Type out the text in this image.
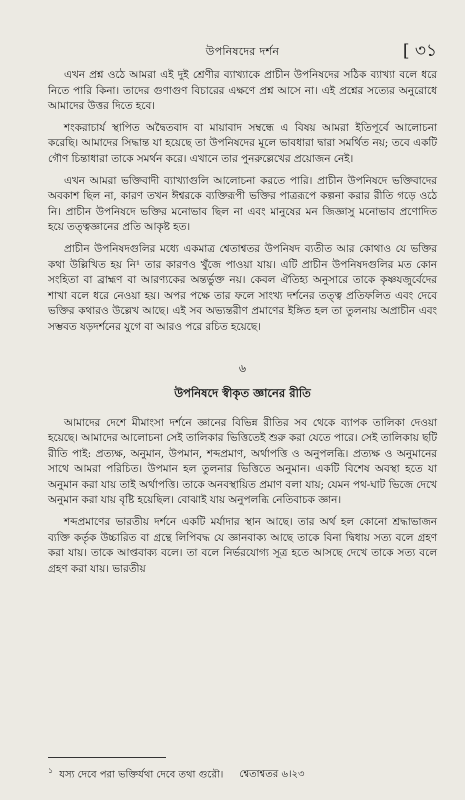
উপনিষদের দর্শন	[ ৩১

এখন প্রশ্ন ওঠে আমরা এই দুই শ্রেণীর ব্যাখ্যাকে প্রাচীন উপনিষদের সঠিক ব্যাখ্যা বলে ধরে নিতে পারি কিনা। তাদের গুণাগুণ বিচারের এক্ষণে প্রশ্ন আসে না। এই প্রশ্নের সত্যের অনুরোধে আমাদের উত্তর দিতে হবে।

শংকরাচার্য স্থাপিত অদ্বৈতবাদ বা মায়াবাদ সম্বন্ধে এ বিষয় আমরা ইতিপূর্বে আলোচনা করেছি। আমাদের সিদ্ধান্ত যা হয়েছে তা উপনিষদের মূলে ভাবধারা দ্বারা সমর্থিত নয়; তবে একটি গৌণ চিন্তাধারা তাকে সমর্থন করে। এখানে তার পুনরুল্লেখের প্রয়োজন নেই।

এখন আমরা ভক্তিবাদী ব্যাখ্যাগুলি আলোচনা করতে পারি। প্রাচীন উপনিষদে ভক্তিবাদের অবকাশ ছিল না, কারণ তখন ঈশ্বরকে ব্যক্তিরূপী ভক্তির পাত্ররূপে কল্পনা করার রীতি গড়ে ওঠে নি। প্রাচীন উপনিষদে ভক্তির মনোভাব ছিল না এবং মানুষের মন জিজ্ঞাসু মনোভাব প্রণোদিত হয়ে তত্ত্বজ্ঞানের প্রতি আকৃষ্ট হত।

প্রাচীন উপনিষদগুলির মধ্যে একমাত্র শ্বেতাশ্বতর উপনিষদ ব্যতীত আর কোথাও যে ভক্তির কথা উল্লিখিত হয় নি¹ তার কারণও খুঁজে পাওয়া যায়। এটি প্রাচীন উপনিষদগুলির মত কোন সংহিতা বা ব্রাহ্মণ বা আরণ্যকের অন্তর্ভুক্ত নয়। কেবল ঐতিহ্য অনুসারে তাকে কৃষ্ণযজুর্বেদের শাখা বলে ধরে নেওয়া হয়। অপর পক্ষে তার ফলে সাংখ্য দর্শনের তত্ত্ব প্রতিফলিত এবং দেবে ভক্তির কথারও উল্লেখ আছে। এই সব অভ্যন্তরীণ প্রমাণের ইঙ্গিত হল তা তুলনায় অপ্রাচীন এবং সম্ভবত ষড়দর্শনের যুগে বা আরও পরে রচিত হয়েছে।

৬
উপনিষদে স্বীকৃত জ্ঞানের রীতি

আমাদের দেশে মীমাংসা দর্শনে জ্ঞানের বিভিন্ন রীতির সব থেকে ব্যাপক তালিকা দেওয়া হয়েছে। আমাদের আলোচনা সেই তালিকার ভিত্তিতেই শুরু করা যেতে পারে। সেই তালিকায় ছটি রীতি পাই: প্রত্যক্ষ, অনুমান, উপমান, শব্দপ্রমাণ, অর্থাপত্তি ও অনুপলব্ধি। প্রত্যক্ষ ও অনুমানের সাথে আমরা পরিচিত। উপমান হল তুলনার ভিত্তিতে অনুমান। একটি বিশেষ অবস্থা হতে যা অনুমান করা যায় তাই অর্থাপত্তি। তাকে অনবস্থায়িত প্রমাণ বলা যায়; যেমন পথ-ঘাট ভিজে দেখে অনুমান করা যায় বৃষ্টি হয়েছিল। বোঝাই যায় অনুপলব্ধি নেতিবাচক জ্ঞান।

শব্দপ্রমাণের ভারতীয় দর্শনে একটি মর্যাদার স্থান আছে। তার অর্থ হল কোনো শ্রদ্ধাভাজন ব্যক্তি কর্তৃক উচ্চারিত বা গ্রন্থে লিপিবদ্ধ যে জ্ঞানবাক্য আছে তাকে বিনা দ্বিধায় সত্য বলে গ্রহণ করা যায়। তাকে আপ্তবাক্য বলে। তা বলে নির্ভরযোগ্য সূত্র হতে আসছে দেখে তাকে সত্য বলে গ্রহণ করা যায়। ভারতীয়

$^১$ যস্য দেবে পরা ভক্তির্যথা দেবে তথা গুরৌ। শ্বেতাশ্বতর ৬।২৩
